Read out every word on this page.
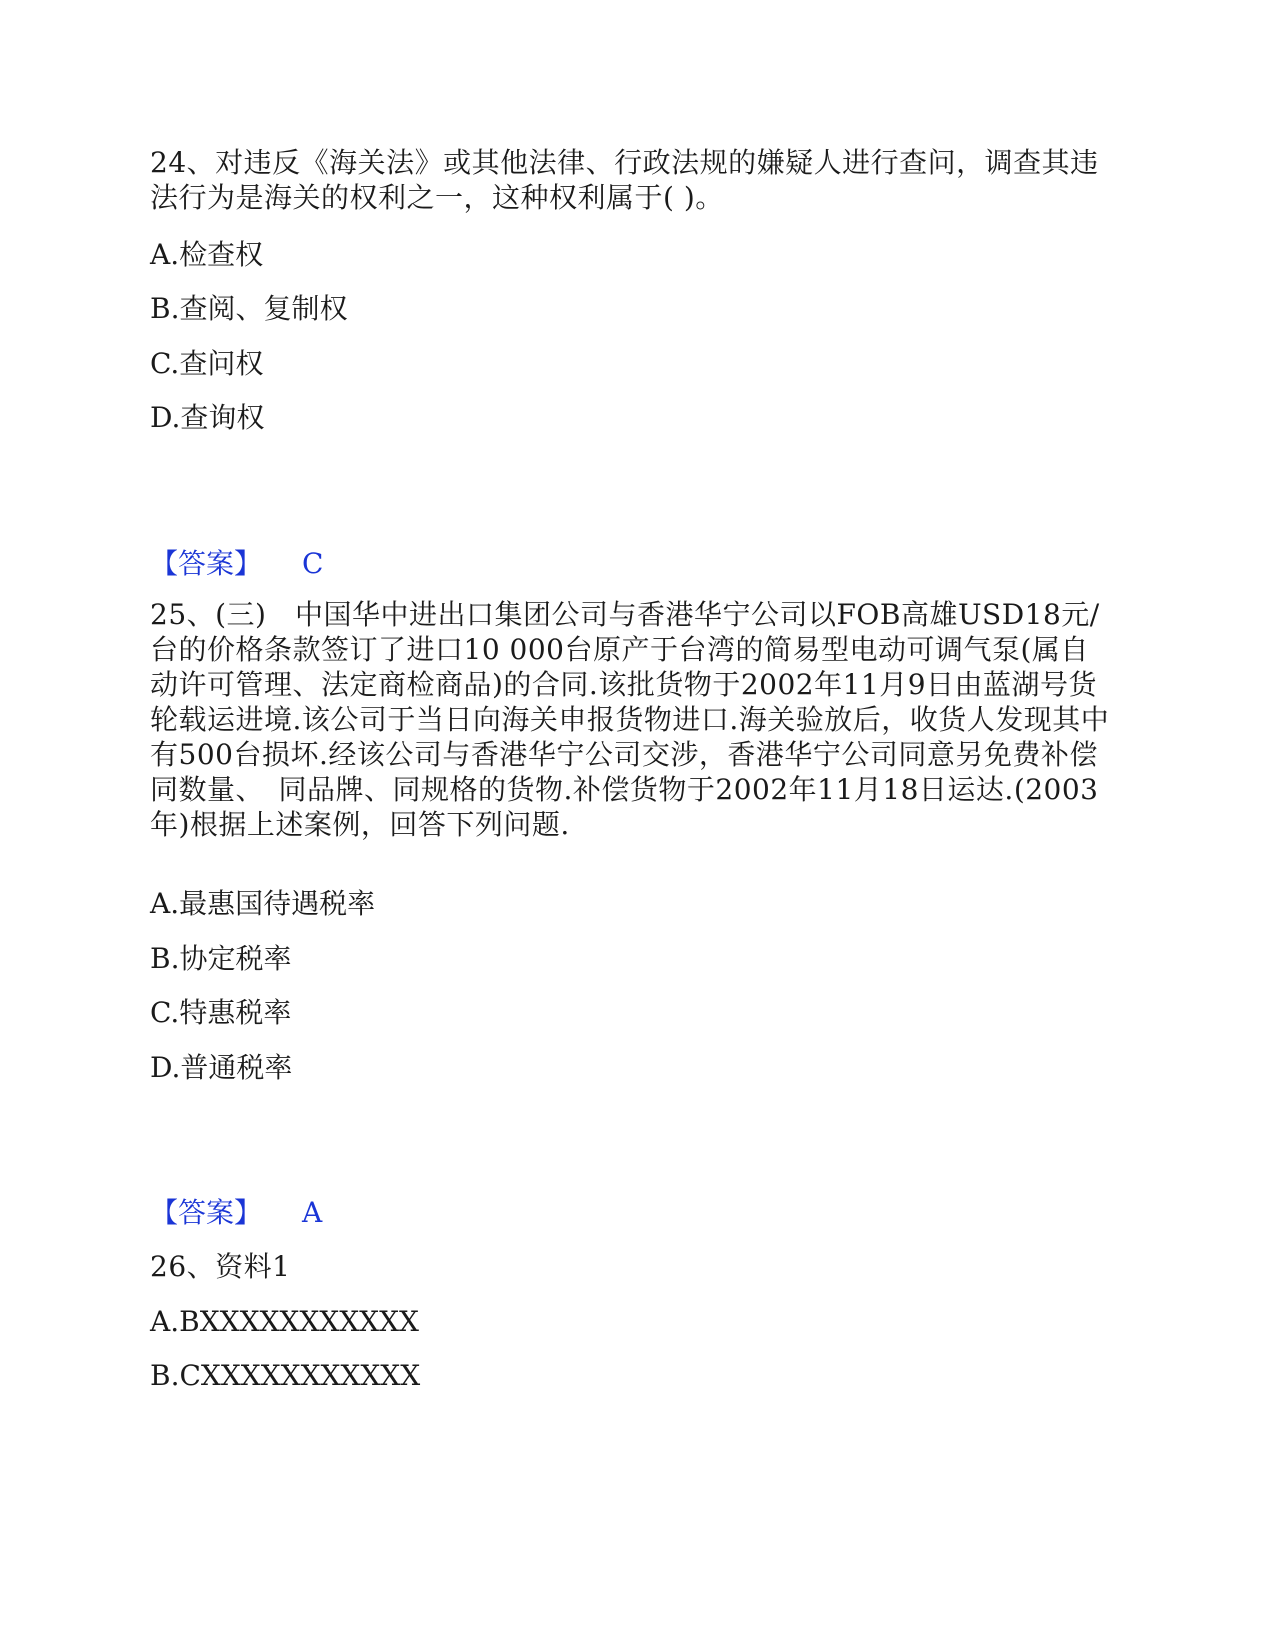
24、对违反《海关法》或其他法律、行政法规的嫌疑人进行查问，调查其违法行为是海关的权利之一，这种权利属于( )。

A.检查权

B.查阅、复制权

C.查问权

D.查询权

【答案】 C

25、(三)　中国华中进出口集团公司与香港华宁公司以FOB高雄USD18元/台的价格条款签订了进口10 000台原产于台湾的简易型电动可调气泵(属自动许可管理、法定商检商品)的合同.该批货物于2002年11月9日由蓝湖号货轮载运进境.该公司于当日向海关申报货物进口.海关验放后，收货人发现其中有500台损坏.经该公司与香港华宁公司交涉，香港华宁公司同意另免费补偿同数量、　同品牌、同规格的货物.补偿货物于2002年11月18日运达.(2003年)根据上述案例，回答下列问题.

A.最惠国待遇税率

B.协定税率

C.特惠税率

D.普通税率

【答案】 A

26、资料1

A.BXXXXXXXXXXX

B.CXXXXXXXXXXX
